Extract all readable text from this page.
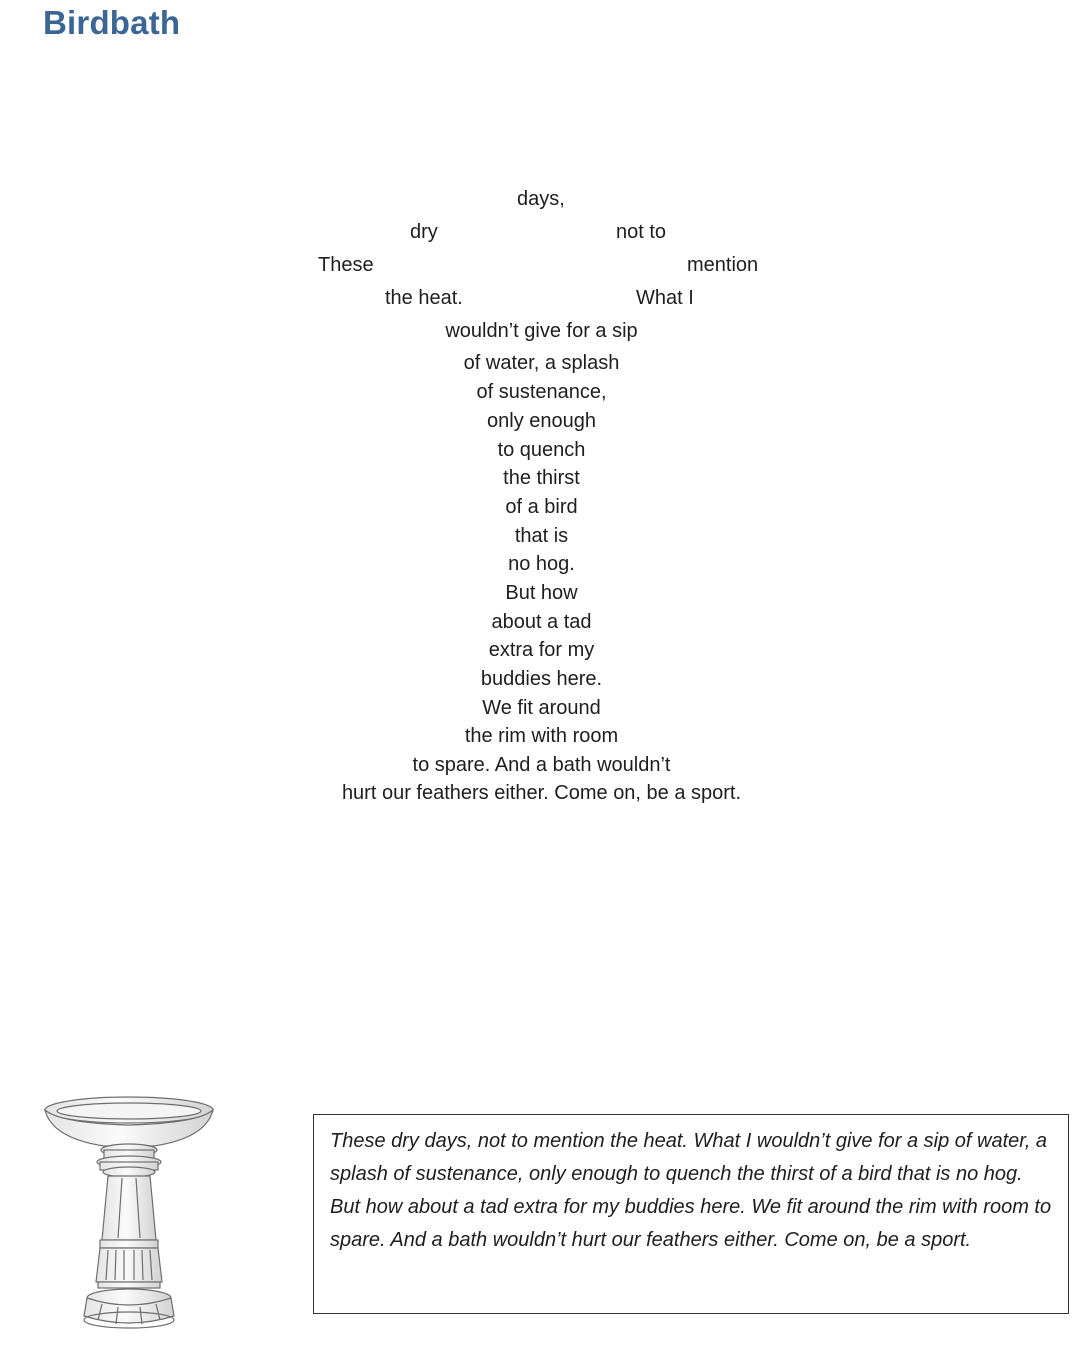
Birdbath
days,
dry	not to
These	mention
the heat.	What I
wouldn’t give for a sip
of water, a splash
of sustenance,
only enough
to quench
the thirst
of a bird
that is
no hog.
But how
about a tad
extra for my
buddies here.
We fit around
the rim with room
to spare. And a bath wouldn’t
hurt our feathers either. Come on, be a sport.

These dry days, not to mention the heat. What I wouldn’t give for a sip of water, a splash of sustenance, only enough to quench the thirst of a bird that is no hog. But how about a tad extra for my buddies here. We fit around the rim with room to spare. And a bath wouldn’t hurt our feathers either. Come on, be a sport.
